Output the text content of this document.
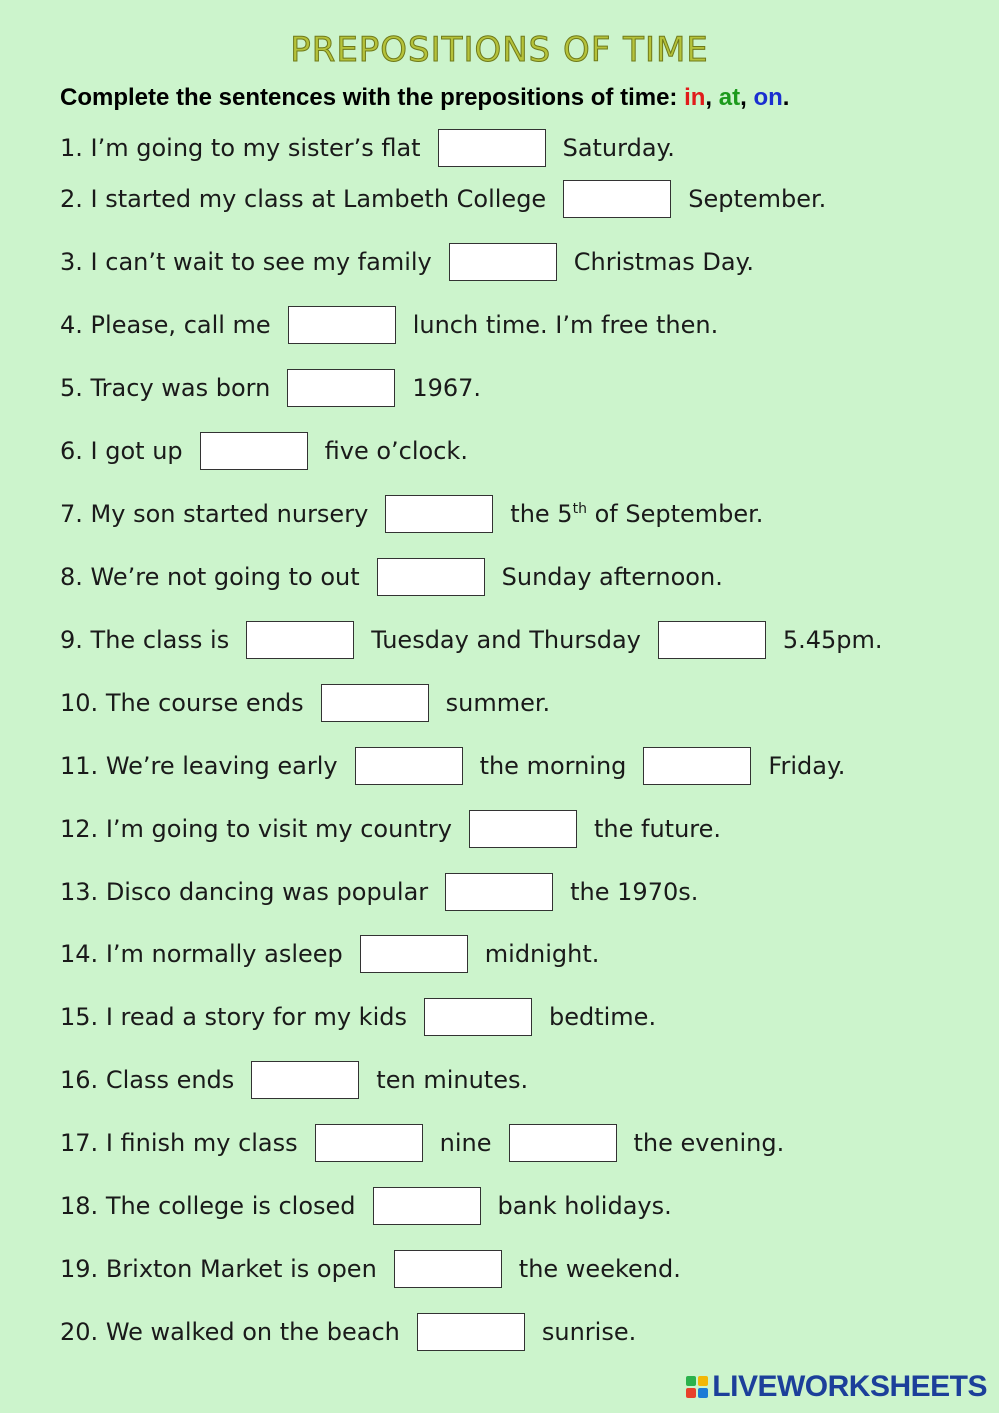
PREPOSITIONS OF TIME
Complete the sentences with the prepositions of time: in, at, on.
1.
I’m going to my sister’s flat	Saturday.
2.
I started my class at Lambeth College	September.
3.
I can’t wait to see my family	Christmas Day.
4.
Please, call me	lunch time. I’m free then.
5.
Tracy was born	1967.
6.
I got up	five o’clock.
7.
My son started nursery	the 5th of September.
8.
We’re not going to out	Sunday afternoon.
9.
The class is	Tuesday and Thursday	5.45pm.
10.
The course ends	summer.
11.
We’re leaving early	the morning	Friday.
12.
I’m going to visit my country	the future.
13.
Disco dancing was popular	the 1970s.
14.
I’m normally asleep	midnight.
15.
I read a story for my kids	bedtime.
16.
Class ends	ten minutes.
17.
I finish my class	nine	the evening.
18.
The college is closed	bank holidays.
19.
Brixton Market is open	the weekend.
20.
We walked on the beach	sunrise.
LIVEWORKSHEETS
